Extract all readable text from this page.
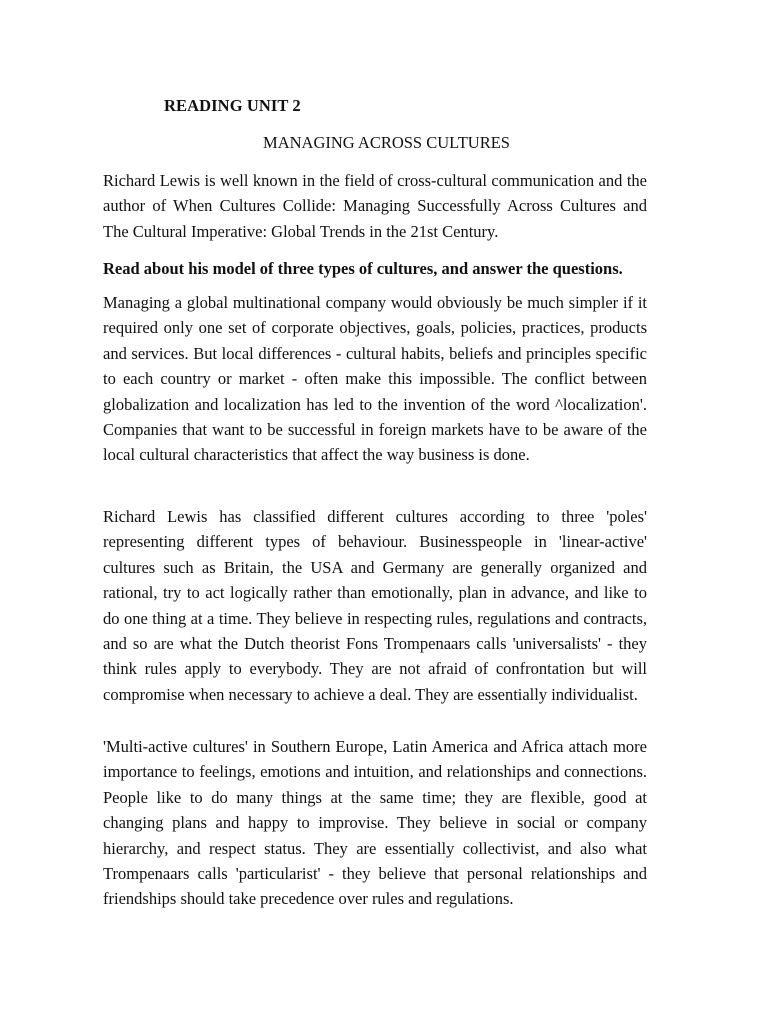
READING UNIT 2
MANAGING ACROSS CULTURES

Richard Lewis is well known in the field of cross-cultural communication and the author of When Cultures Collide: Managing Successfully Across Cultures and The Cultural Imperative: Global Trends in the 21st Century.

Read about his model of three types of cultures, and answer the questions.

Managing a global multinational company would obviously be much simpler if it required only one set of corporate objectives, goals, policies, practices, products and services. But local differences - cultural habits, beliefs and principles specific to each country or market - often make this impossible. The conflict between globalization and localization has led to the invention of the word ^localization'. Companies that want to be successful in foreign markets have to be aware of the local cultural characteristics that affect the way business is done.

Richard Lewis has classified different cultures according to three 'poles' representing different types of behaviour. Businesspeople in 'linear-active' cultures such as Britain, the USA and Germany are generally organized and rational, try to act logically rather than emotionally, plan in advance, and like to do one thing at a time. They believe in respecting rules, regulations and contracts, and so are what the Dutch theorist Fons Trompenaars calls 'universalists' - they think rules apply to everybody. They are not afraid of confrontation but will compromise when necessary to achieve a deal. They are essentially individualist.

'Multi-active cultures' in Southern Europe, Latin America and Africa attach more importance to feelings, emotions and intuition, and relationships and connections. People like to do many things at the same time; they are flexible, good at changing plans and happy to improvise. They believe in social or company hierarchy, and respect status. They are essentially collectivist, and also what Trompenaars calls 'particularist' - they believe that personal relationships and friendships should take precedence over rules and regulations.
